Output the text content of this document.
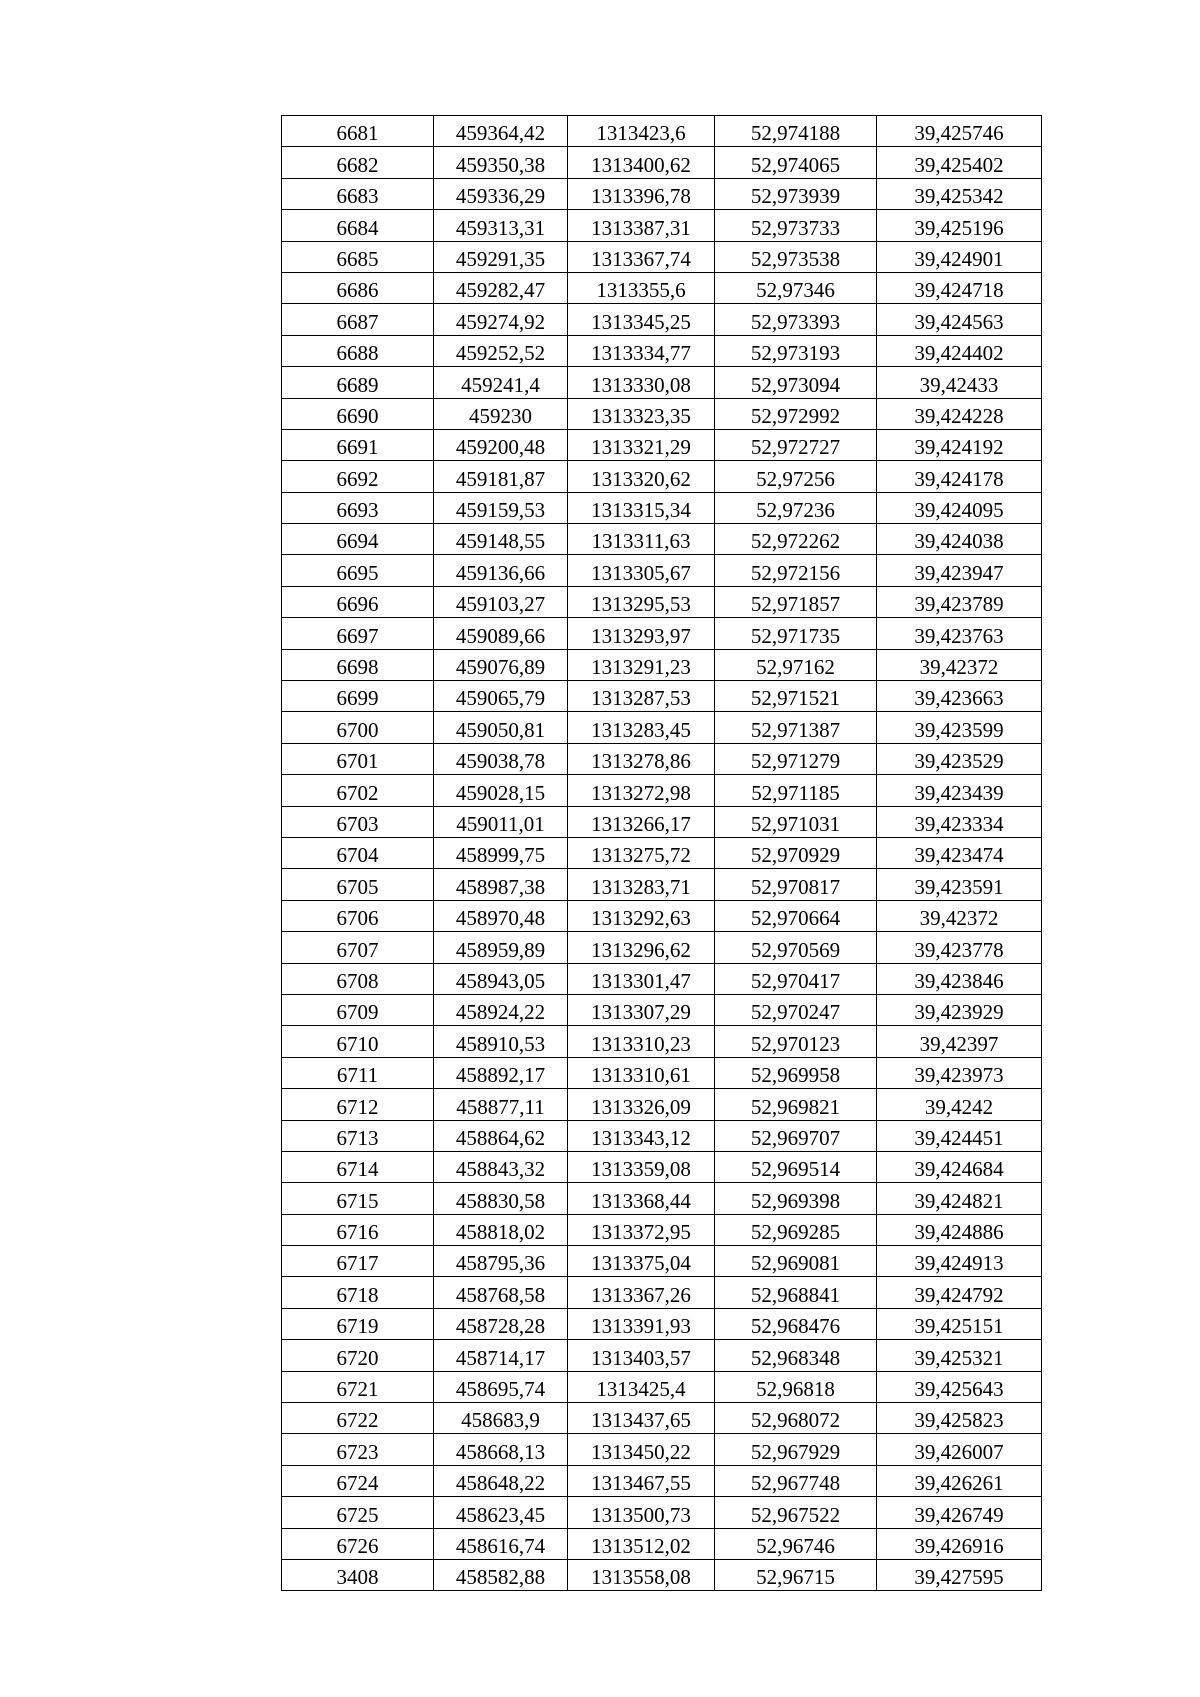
6681	459364,42	1313423,6	52,974188	39,425746
6682	459350,38	1313400,62	52,974065	39,425402
6683	459336,29	1313396,78	52,973939	39,425342
6684	459313,31	1313387,31	52,973733	39,425196
6685	459291,35	1313367,74	52,973538	39,424901
6686	459282,47	1313355,6	52,97346	39,424718
6687	459274,92	1313345,25	52,973393	39,424563
6688	459252,52	1313334,77	52,973193	39,424402
6689	459241,4	1313330,08	52,973094	39,42433
6690	459230	1313323,35	52,972992	39,424228
6691	459200,48	1313321,29	52,972727	39,424192
6692	459181,87	1313320,62	52,97256	39,424178
6693	459159,53	1313315,34	52,97236	39,424095
6694	459148,55	1313311,63	52,972262	39,424038
6695	459136,66	1313305,67	52,972156	39,423947
6696	459103,27	1313295,53	52,971857	39,423789
6697	459089,66	1313293,97	52,971735	39,423763
6698	459076,89	1313291,23	52,97162	39,42372
6699	459065,79	1313287,53	52,971521	39,423663
6700	459050,81	1313283,45	52,971387	39,423599
6701	459038,78	1313278,86	52,971279	39,423529
6702	459028,15	1313272,98	52,971185	39,423439
6703	459011,01	1313266,17	52,971031	39,423334
6704	458999,75	1313275,72	52,970929	39,423474
6705	458987,38	1313283,71	52,970817	39,423591
6706	458970,48	1313292,63	52,970664	39,42372
6707	458959,89	1313296,62	52,970569	39,423778
6708	458943,05	1313301,47	52,970417	39,423846
6709	458924,22	1313307,29	52,970247	39,423929
6710	458910,53	1313310,23	52,970123	39,42397
6711	458892,17	1313310,61	52,969958	39,423973
6712	458877,11	1313326,09	52,969821	39,4242
6713	458864,62	1313343,12	52,969707	39,424451
6714	458843,32	1313359,08	52,969514	39,424684
6715	458830,58	1313368,44	52,969398	39,424821
6716	458818,02	1313372,95	52,969285	39,424886
6717	458795,36	1313375,04	52,969081	39,424913
6718	458768,58	1313367,26	52,968841	39,424792
6719	458728,28	1313391,93	52,968476	39,425151
6720	458714,17	1313403,57	52,968348	39,425321
6721	458695,74	1313425,4	52,96818	39,425643
6722	458683,9	1313437,65	52,968072	39,425823
6723	458668,13	1313450,22	52,967929	39,426007
6724	458648,22	1313467,55	52,967748	39,426261
6725	458623,45	1313500,73	52,967522	39,426749
6726	458616,74	1313512,02	52,96746	39,426916
3408	458582,88	1313558,08	52,96715	39,427595
